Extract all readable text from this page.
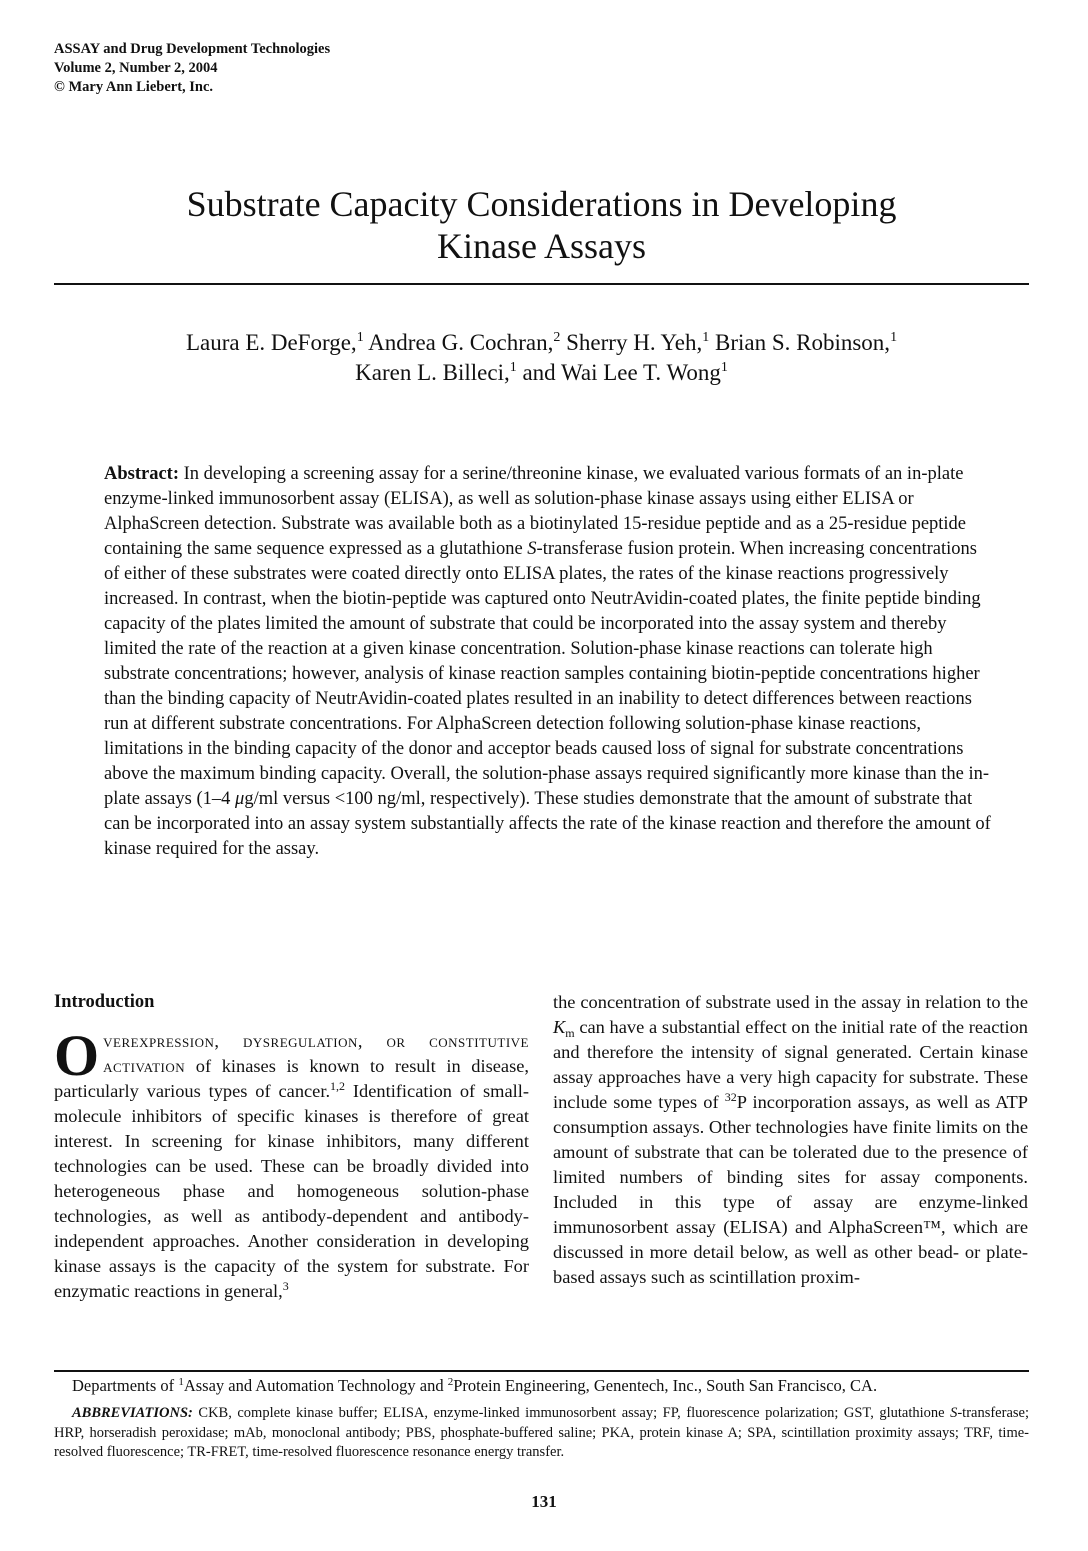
ASSAY and Drug Development Technologies
Volume 2, Number 2, 2004
© Mary Ann Liebert, Inc.
Substrate Capacity Considerations in Developing
Kinase Assays
Laura E. DeForge,$^1$ Andrea G. Cochran,$^2$ Sherry H. Yeh,$^1$ Brian S. Robinson,$^1$
Karen L. Billeci,$^1$ and Wai Lee T. Wong$^1$

Abstract: In developing a screening assay for a serine/threonine kinase, we evaluated various formats of an in-plate enzyme-linked immunosorbent assay (ELISA), as well as solution-phase kinase assays using either ELISA or AlphaScreen detection. Substrate was available both as a biotinylated 15-residue peptide and as a 25-residue peptide containing the same sequence expressed as a glutathione S-transferase fusion protein. When increasing concentrations of either of these substrates were coated directly onto ELISA plates, the rates of the kinase reactions progressively increased. In contrast, when the biotin-peptide was captured onto NeutrAvidin-coated plates, the finite peptide binding capacity of the plates limited the amount of substrate that could be incorporated into the assay system and thereby limited the rate of the reaction at a given kinase concentration. Solution-phase kinase reactions can tolerate high substrate concentrations; however, analysis of kinase reaction samples containing biotin-peptide concentrations higher than the binding capacity of NeutrAvidin-coated plates resulted in an inability to detect differences between reactions run at different substrate concentrations. For AlphaScreen detection following solution-phase kinase reactions, limitations in the binding capacity of the donor and acceptor beads caused loss of signal for substrate concentrations above the maximum binding capacity. Overall, the solution-phase assays required significantly more kinase than the in-plate assays (1–4 μg/ml versus <100 ng/ml, respectively). These studies demonstrate that the amount of substrate that can be incorporated into an assay system substantially affects the rate of the kinase reaction and therefore the amount of kinase required for the assay.

Introduction

Overexpression, dysregulation, or constitutive activation of kinases is known to result in disease, particularly various types of cancer.$^{1,2}$ Identification of small-molecule inhibitors of specific kinases is therefore of great interest. In screening for kinase inhibitors, many different technologies can be used. These can be broadly divided into heterogeneous phase and homogeneous solution-phase technologies, as well as antibody-dependent and antibody-independent approaches. Another consideration in developing kinase assays is the capacity of the system for substrate. For enzymatic reactions in general,$^3$

the concentration of substrate used in the assay in relation to the $K_m$ can have a substantial effect on the initial rate of the reaction and therefore the intensity of signal generated. Certain kinase assay approaches have a very high capacity for substrate. These include some types of $^{32}$P incorporation assays, as well as ATP consumption assays. Other technologies have finite limits on the amount of substrate that can be tolerated due to the presence of limited numbers of binding sites for assay components. Included in this type of assay are enzyme-linked immunosorbent assay (ELISA) and AlphaScreen™, which are discussed in more detail below, as well as other bead- or plate-based assays such as scintillation proxim-

Departments of $^1$Assay and Automation Technology and $^2$Protein Engineering, Genentech, Inc., South San Francisco, CA.
ABBREVIATIONS: CKB, complete kinase buffer; ELISA, enzyme-linked immunosorbent assay; FP, fluorescence polarization; GST, glutathione S-transferase; HRP, horseradish peroxidase; mAb, monoclonal antibody; PBS, phosphate-buffered saline; PKA, protein kinase A; SPA, scintillation proximity assays; TRF, time-resolved fluorescence; TR-FRET, time-resolved fluorescence resonance energy transfer.
131
